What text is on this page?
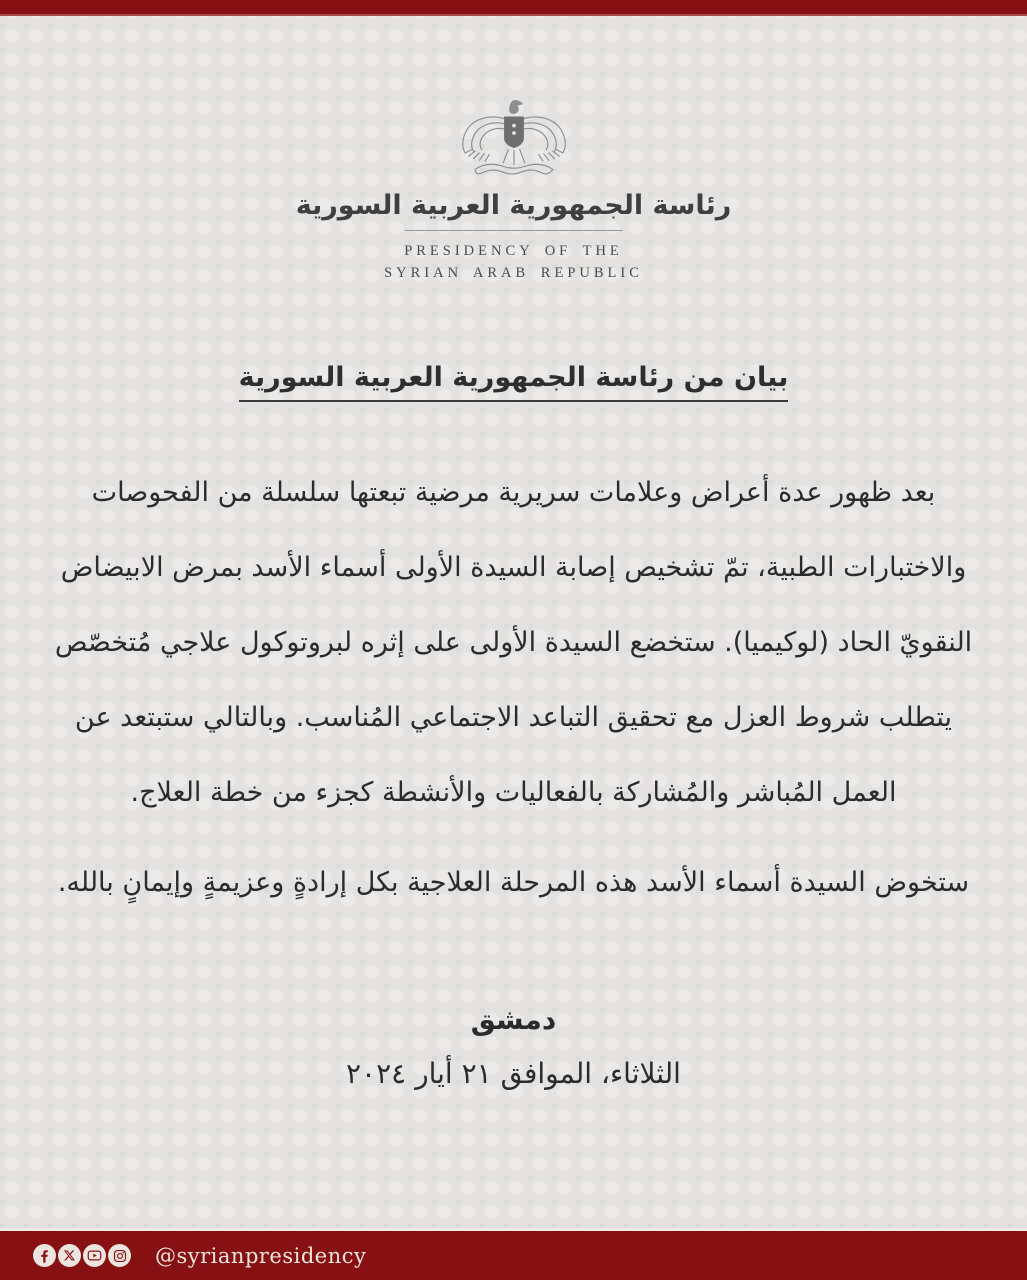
رئاسة الجمهورية العربية السورية
PRESIDENCY OF THE
SYRIAN ARAB REPUBLIC
بيان من رئاسة الجمهورية العربية السورية
بعد ظهور عدة أعراض وعلامات سريرية مرضية تبعتها سلسلة من الفحوصات
والاختبارات الطبية، تمّ تشخيص إصابة السيدة الأولى أسماء الأسد بمرض الابيضاض
النقويّ الحاد (لوكيميا). ستخضع السيدة الأولى على إثره لبروتوكول علاجي مُتخصّص
يتطلب شروط العزل مع تحقيق التباعد الاجتماعي المُناسب. وبالتالي ستبتعد عن
العمل المُباشر والمُشاركة بالفعاليات والأنشطة كجزء من خطة العلاج.

ستخوض السيدة أسماء الأسد هذه المرحلة العلاجية بكل إرادةٍ وعزيمةٍ وإيمانٍ بالله.

دمشق
الثلاثاء، الموافق ٢١ أيار ٢٠٢٤
@syrianpresidency
